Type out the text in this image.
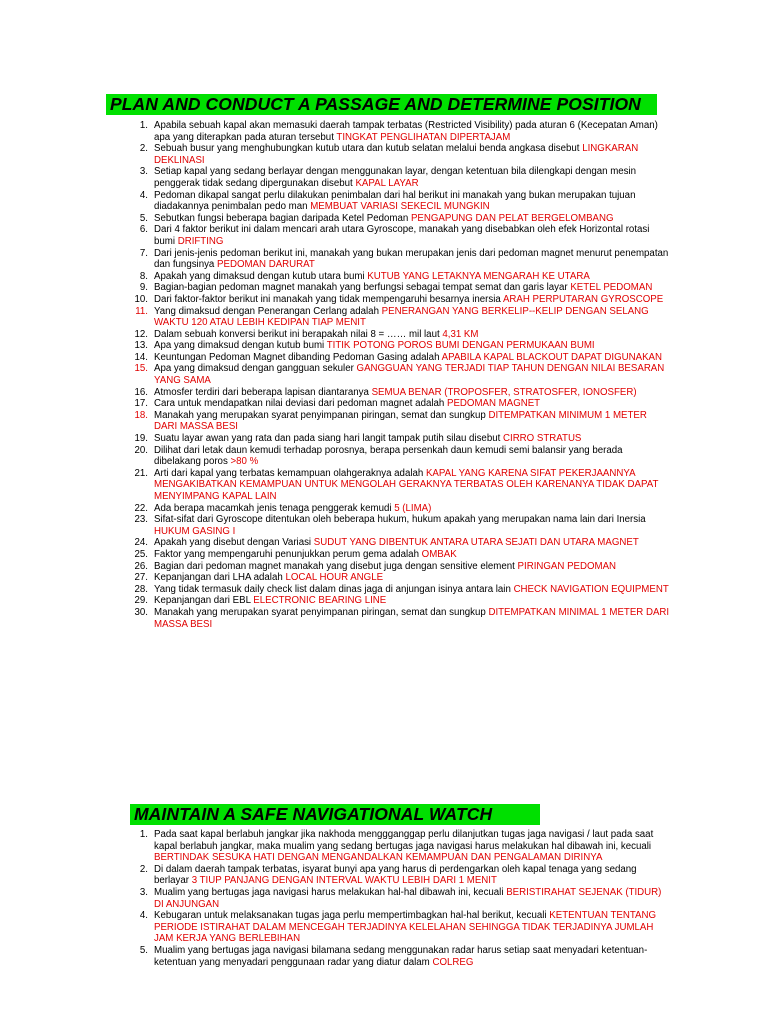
PLAN AND CONDUCT A PASSAGE AND DETERMINE POSITION
1. Apabila sebuah kapal akan memasuki daerah tampak terbatas (Restricted Visibility) pada aturan 6 (Kecepatan Aman) apa yang diterapkan pada aturan tersebut TINGKAT PENGLIHATAN DIPERTAJAM
2. Sebuah busur yang menghubungkan kutub utara dan kutub selatan melalui benda angkasa disebut LINGKARAN DEKLINASI
3. Setiap kapal yang sedang berlayar dengan menggunakan layar, dengan ketentuan bila dilengkapi dengan mesin penggerak tidak sedang dipergunakan disebut KAPAL LAYAR
4. Pedoman dikapal sangat perlu dilakukan penimbalan dari hal berikut ini manakah yang bukan merupakan tujuan diadakannya penimbalan pedo man MEMBUAT VARIASI SEKECIL MUNGKIN
5. Sebutkan fungsi beberapa bagian daripada Ketel Pedoman PENGAPUNG DAN PELAT BERGELOMBANG
6. Dari 4 faktor berikut ini dalam mencari arah utara Gyroscope, manakah yang disebabkan oleh efek Horizontal rotasi bumi DRIFTING
7. Dari jenis-jenis pedoman berikut ini, manakah yang bukan merupakan jenis dari pedoman magnet menurut penempatan dan fungsinya PEDOMAN DARURAT
8. Apakah yang dimaksud dengan kutub utara bumi KUTUB YANG LETAKNYA MENGARAH KE UTARA
9. Bagian-bagian pedoman magnet manakah yang berfungsi sebagai tempat semat dan garis layar KETEL PEDOMAN
10. Dari faktor-faktor berikut ini manakah yang tidak mempengaruhi besarnya inersia ARAH PERPUTARAN GYROSCOPE
11. Yang dimaksud dengan Penerangan Cerlang adalah PENERANGAN YANG BERKELIP--KELIP DENGAN SELANG WAKTU 120 ATAU LEBIH KEDIPAN TIAP MENIT
12. Dalam sebuah konversi berikut ini berapakah nilai 8 = …… mil laut 4,31 KM
13. Apa yang dimaksud dengan kutub bumi TITIK POTONG POROS BUMI DENGAN PERMUKAAN BUMI
14. Keuntungan Pedoman Magnet dibanding Pedoman Gasing adalah APABILA KAPAL BLACKOUT DAPAT DIGUNAKAN
15. Apa yang dimaksud dengan gangguan sekuler GANGGUAN YANG TERJADI TIAP TAHUN DENGAN NILAI BESARAN YANG SAMA
16. Atmosfer terdiri dari beberapa lapisan diantaranya SEMUA BENAR (TROPOSFER, STRATOSFER, IONOSFER)
17. Cara untuk mendapatkan nilai deviasi dari pedoman magnet adalah PEDOMAN MAGNET
18. Manakah yang merupakan syarat penyimpanan piringan, semat dan sungkup DITEMPATKAN MINIMUM 1 METER DARI MASSA BESI
19. Suatu layar awan yang rata dan pada siang hari langit tampak putih silau disebut CIRRO STRATUS
20. Dilihat dari letak daun kemudi terhadap porosnya, berapa persenkah daun kemudi semi balansir yang berada dibelakang poros >80 %
21. Arti dari kapal yang terbatas kemampuan olahgeraknya adalah KAPAL YANG KARENA SIFAT PEKERJAANNYA MENGAKIBATKAN KEMAMPUAN UNTUK MENGOLAH GERAKNYA TERBATAS OLEH KARENANYA TIDAK DAPAT MENYIMPANG KAPAL LAIN
22. Ada berapa macamkah jenis tenaga penggerak kemudi 5 (LIMA)
23. Sifat-sifat dari Gyroscope ditentukan oleh beberapa hukum, hukum apakah yang merupakan nama lain dari Inersia HUKUM GASING I
24. Apakah yang disebut dengan Variasi SUDUT YANG DIBENTUK ANTARA UTARA SEJATI DAN UTARA MAGNET
25. Faktor yang mempengaruhi penunjukkan perum gema adalah OMBAK
26. Bagian dari pedoman magnet manakah yang disebut juga dengan sensitive element PIRINGAN PEDOMAN
27. Kepanjangan dari LHA adalah LOCAL HOUR ANGLE
28. Yang tidak termasuk daily check list dalam dinas jaga di anjungan isinya antara lain CHECK NAVIGATION EQUIPMENT
29. Kepanjangan dari EBL ELECTRONIC BEARING LINE
30. Manakah yang merupakan syarat penyimpanan piringan, semat dan sungkup DITEMPATKAN MINIMAL 1 METER DARI MASSA BESI
MAINTAIN A SAFE NAVIGATIONAL WATCH
1. Pada saat kapal berlabuh jangkar jika nakhoda menggganggap perlu dilanjutkan tugas jaga navigasi / laut pada saat kapal berlabuh jangkar, maka mualim yang sedang bertugas jaga navigasi harus melakukan hal dibawah ini, kecuali BERTINDAK SESUKA HATI DENGAN MENGANDALKAN KEMAMPUAN DAN PENGALAMAN DIRINYA
2. Di dalam daerah tampak terbatas, isyarat bunyi apa yang harus di perdengarkan oleh kapal tenaga yang sedang berlayar 3 TIUP PANJANG DENGAN INTERVAL WAKTU LEBIH DARI 1 MENIT
3. Mualim yang bertugas jaga navigasi harus melakukan hal-hal dibawah ini, kecuali BERISTIRAHAT SEJENAK (TIDUR) DI ANJUNGAN
4. Kebugaran untuk melaksanakan tugas jaga perlu mempertimbagkan hal-hal berikut, kecuali KETENTUAN TENTANG PERIODE ISTIRAHAT DALAM MENCEGAH TERJADINYA KELELAHAN SEHINGGA TIDAK TERJADINYA JUMLAH JAM KERJA YANG BERLEBIHAN
5. Mualim yang bertugas jaga navigasi bilamana sedang menggunakan radar harus setiap saat menyadari ketentuan-ketentuan yang menyadari penggunaan radar yang diatur dalam COLREG
